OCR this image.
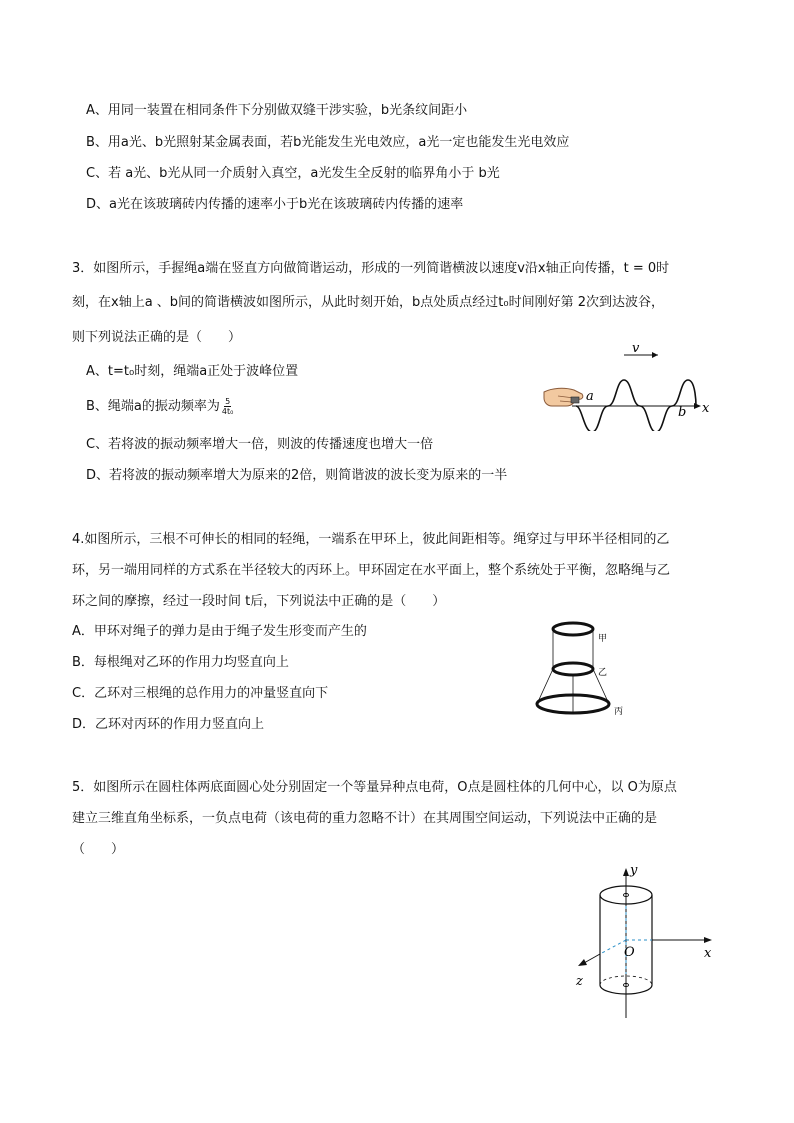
A、用同一装置在相同条件下分别做双缝干涉实验，b光条纹间距小
B、用a光、b光照射某金属表面，若b光能发生光电效应，a光一定也能发生光电效应
C、若 a光、b光从同一介质射入真空，a光发生全反射的临界角小于 b光
D、a光在该玻璃砖内传播的速率小于b光在该玻璃砖内传播的速率
3．如图所示，手握绳a端在竖直方向做简谐运动，形成的一列简谐横波以速度v沿x轴正向传播，t = 0时
刻，在x轴上a 、b间的简谐横波如图所示，从此时刻开始，b点处质点经过t₀时间刚好第 2次到达波谷，
则下列说法正确的是（　　）
A、t=t₀时刻，绳端a正处于波峰位置
B、绳端a的振动频率为 $\frac{5}{\text{4t₀}}$
C、若将波的振动频率增大一倍，则波的传播速度也增大一倍
D、若将波的振动频率增大为原来的2倍，则简谐波的波长变为原来的一半
v
x
a
b
4.如图所示，三根不可伸长的相同的轻绳，一端系在甲环上，彼此间距相等。绳穿过与甲环半径相同的乙
环，另一端用同样的方式系在半径较大的丙环上。甲环固定在水平面上，整个系统处于平衡，忽略绳与乙
环之间的摩擦，经过一段时间 t后，下列说法中正确的是（　　）
A．甲环对绳子的弹力是由于绳子发生形变而产生的
B．每根绳对乙环的作用力均竖直向上
C．乙环对三根绳的总作用力的冲量竖直向下
D．乙环对丙环的作用力竖直向上
甲
乙
丙
5．如图所示在圆柱体两底面圆心处分别固定一个等量异种点电荷，O点是圆柱体的几何中心，以 O为原点
建立三维直角坐标系，一负点电荷（该电荷的重力忽略不计）在其周围空间运动，下列说法中正确的是
（　　）
y
x
z
O
